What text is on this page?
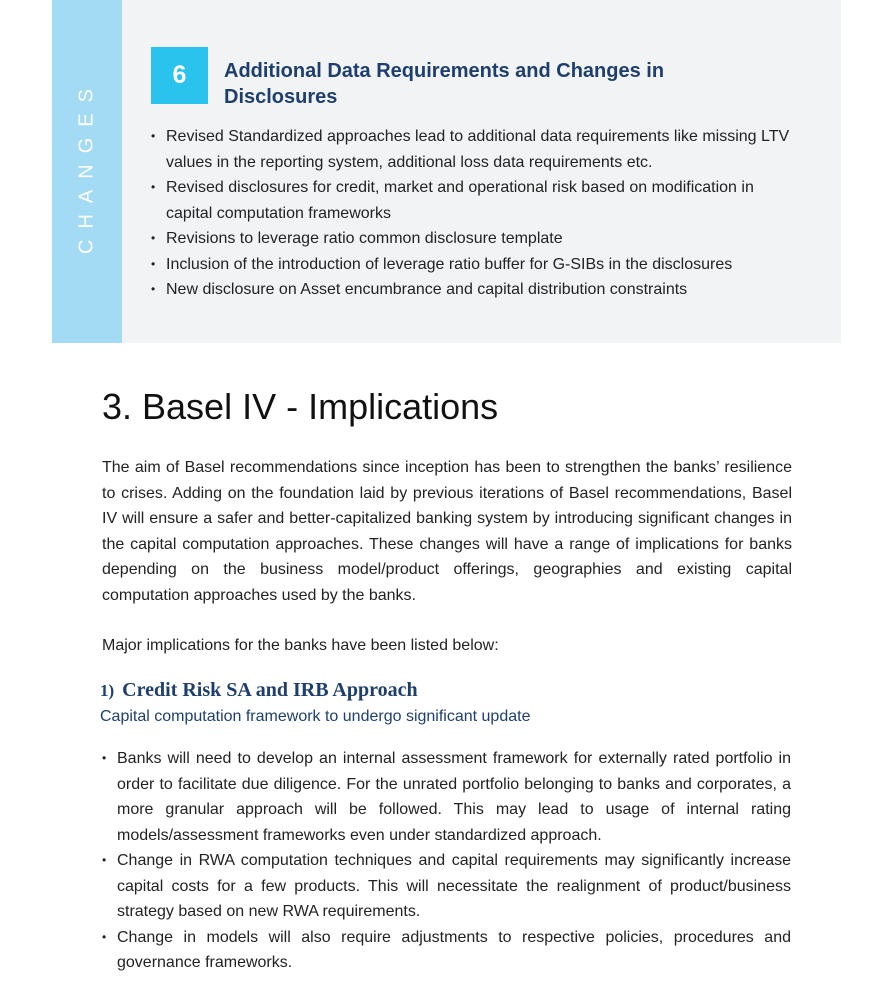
CHANGES
6	Additional Data Requirements and Changes in Disclosures
• Revised Standardized approaches lead to additional data requirements like missing LTV values in the reporting system, additional loss data requirements etc.
• Revised disclosures for credit, market and operational risk based on modification in capital computation frameworks
• Revisions to leverage ratio common disclosure template
• Inclusion of the introduction of leverage ratio buffer for G-SIBs in the disclosures
• New disclosure on Asset encumbrance and capital distribution constraints
3. Basel IV - Implications

The aim of Basel recommendations since inception has been to strengthen the banks’ resilience to crises. Adding on the foundation laid by previous iterations of Basel recommendations, Basel IV will ensure a safer and better-capitalized banking system by introducing significant changes in the capital computation approaches. These changes will have a range of implications for banks depending on the business model/product offerings, geographies and existing capital computation approaches used by the banks.

Major implications for the banks have been listed below:

1) Credit Risk SA and IRB Approach

Capital computation framework to undergo significant update

• Banks will need to develop an internal assessment framework for externally rated portfolio in order to facilitate due diligence. For the unrated portfolio belonging to banks and corporates, a more granular approach will be followed. This may lead to usage of internal rating models/assessment frameworks even under standardized approach.
• Change in RWA computation techniques and capital requirements may significantly increase capital costs for a few products. This will necessitate the realignment of product/business strategy based on new RWA requirements.
• Change in models will also require adjustments to respective policies, procedures and governance frameworks.
